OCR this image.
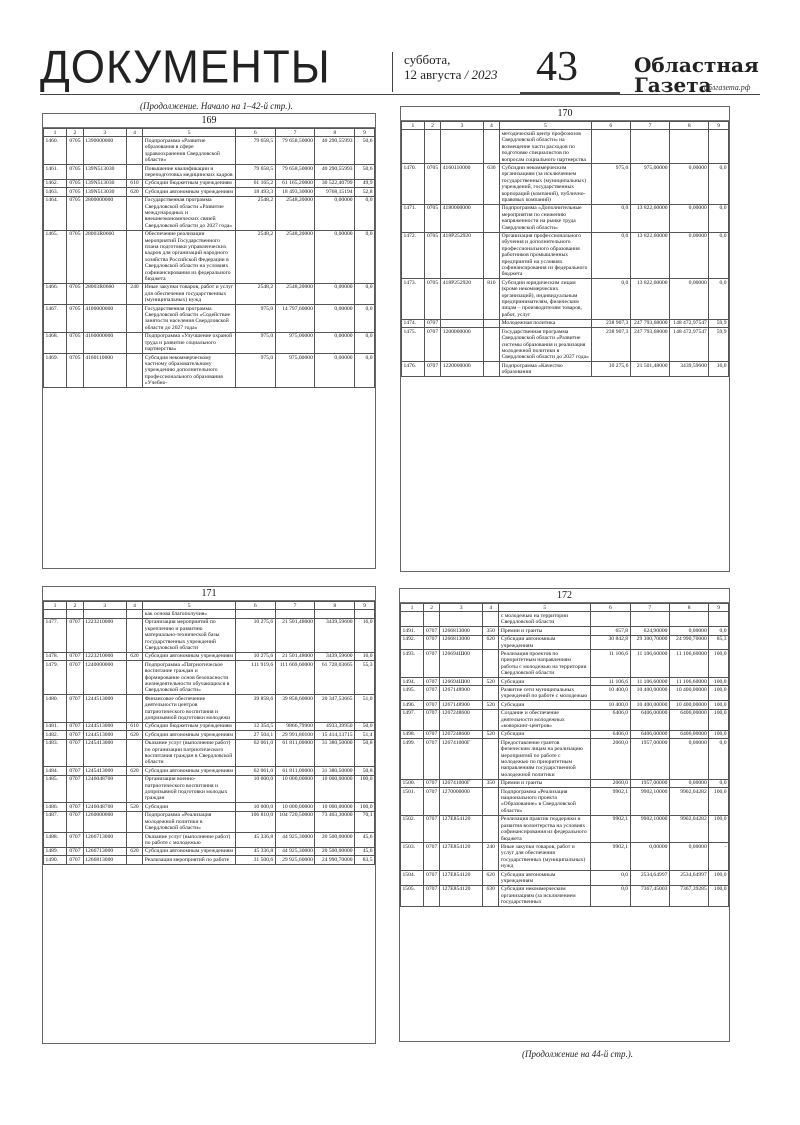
ДОКУМЕНТЫ	суббота,
12 августа / 2023 43	Областная
Газета
облгазета.рф
(Продолжение. Начало на 1–42-й стр.).
169
1	2	3	4	5	6	7	8	9
1460.	0705	1390000000		Подпрограмма «Развитие образования в сфере здравоохранения Свердловской области»	79 658,5	79 658,50000	40 290,55993	50,6
1461.	0705	139N513030		Повышение квалификации и переподготовка медицинских кадров	79 658,5	79 658,50000	40 290,55993	50,6
1462.	0705	139N513030	610	Субсидии бюджетным учреждениям	61 165,2	61 165,20000	30 522,40799	49,9
1463.	0705	139N513030	620	Субсидии автономным учреждениям	18 493,3	18 493,30000	9768,15194	52,8
1464.	0705	2800000000		Государственная программа Свердловской области «Развитие международных и внешнеэкономических связей Свердловской области до 2027 года»	2548,2	2548,20000	0,00000	0,0
1465.	0705	28003R0660		Обеспечение реализации мероприятий Государственного плана подготовки управленческих кадров для организаций народного хозяйства Российской Федерации в Свердловской области на условиях софинансирования из федерального бюджета	2548,2	2548,20000	0,00000	0,0
1466.	0705	28003R0660	240	Иные закупки товаров, работ и услуг для обеспечения государственных (муниципальных) нужд	2548,2	2548,20000	0,00000	0,0
1467.	0705	4100000000		Государственная программа Свердловской области «Содействие занятости населения Свердловской области до 2027 года»	975,0	14 797,60000	0,00000	0,0
1468.	0705	4160000000		Подпрограмма «Улучшение охраной труда и развитие социального партнерства»	975,0	975,00000	0,00000	0,0
1469.	0705	4160110000		Субсидия некоммерческому частному образовательному учреждению дополнительного профессионального образования «Учебно-	975,0	975,00000	0,00000	0,0
170
1	2	3	4	5	6	7	8	9
				методический центр профсоюзов Свердловской области» на возмещение части расходов по подготовке специалистов по вопросам социального партнерства				
1470.	0705	4160110000	630	Субсидии некоммерческим организациям (за исключением государственных (муниципальных) учреждений, государственных корпораций (компаний), публично-правовых компаний)	975,0	975,00000	0,00000	0,0
1471.	0705	4180000000		Подпрограмма «Дополнительные мероприятия по снижению напряженности на рынке труда Свердловской области»	0,0	13 822,60000	0,00000	0,0
1472.	0705	418P252920		Организация профессионального обучения и дополнительного профессионального образования работников промышленных предприятий на условиях софинансирования из федерального бюджета	0,0	13 822,60000	0,00000	0,0
1473.	0705	418P252920	810	Субсидии юридическим лицам (кроме некоммерческих организаций), индивидуальным предпринимателям, физическим лицам – производителям товаров, работ, услуг	0,0	13 822,60000	0,00000	0,0
1474.	0707			Молодежная политика	238 907,3	247 793,68000	148 472,97547	59,9
1475.	0707	1200000000		Государственная программа Свердловской области «Развитие системы образования и реализация молодежной политики в Свердловской области до 2027 года»	238 907,3	247 793,68000	148 472,97547	59,9
1476.	0707	1220000000		Подпрограмма «Качество образования	10 275,6	21 501,48000	3439,59600	16,0
171
1	2	3	4	5	6	7	8	9
				как основа благополучия»				
1477.	0707	1223210000		Организация мероприятий по укреплению и развитию материально-технической базы государственных учреждений Свердловской области	10 275,6	21 501,48000	3439,59600	16,0
1478.	0707	1223210000	620	Субсидии автономным учреждениям	10 275,6	21 501,48000	3439,59600	16,0
1479.	0707	1240000000		Подпрограмма «Патриотическое воспитание граждан и формирование основ безопасности жизнедеятельности обучающихся в Свердловской области»	111 919,6	111 669,60000	61 728,03665	55,3
1480.	0707	1244513000		Финансовое обеспечение деятельности центров патриотического воспитания и допризывной подготовки молодежи	39 858,6	39 858,60000	20 347,53665	51,0
1481.	0707	1244513000	610	Субсидии бюджетным учреждениям	12 354,5	9866,79900	4933,39950	50,0
1482.	0707	1244513000	620	Субсидии автономным учреждениям	27 504,1	29 991,80100	15 414,13715	51,4
1483.	0707	1245413000		Оказание услуг (выполнение работ) по организации патриотического воспитания граждан в Свердловской области	62 061,0	61 811,00000	31 380,50000	50,8
1484.	0707	1245413000	620	Субсидии автономным учреждениям	62 061,0	61 811,00000	31 380,50000	50,8
1485.	0707	1246048700		Организация военно-патриотического воспитания и допризывной подготовки молодых граждан	10 000,0	10 000,00000	10 000,00000	100,0
1486.	0707	1246048700	520	Субсидии	10 000,0	10 000,00000	10 000,00000	100,0
1487.	0707	1260000000		Подпрограмма «Реализация молодежной политики в Свердловской области»	106 810,0	104 720,50000	73 403,30000	70,1
1488.	0707	1266713000		Оказание услуг (выполнение работ) по работе с молодежью	45 336,8	44 925,30000	20 500,00000	45,6
1489.	0707	1266713000	620	Субсидии автономным учреждениям	45 336,8	44 925,30000	20 500,00000	45,6
1490.	0707	1266813000		Реализация мероприятий по работе	31 500,6	29 925,60000	24 990,70000	83,5
172
1	2	3	4	5	6	7	8	9
				с молодежью на территории Свердловской области				
1491.	0707	1266813000	350	Премии и гранты	657,8	624,90000	0,00000	0,0
1492.	0707	1266813000	620	Субсидии автономным учреждениям	30 842,8	29 300,70000	24 990,70000	85,3
1493.	0707	126694Ш00		Реализация проектов по приоритетным направлениям работы с молодежью на территории Свердловской области	11 106,6	11 106,60000	11 106,60000	100,0
1494.	0707	126694Ш00	520	Субсидии	11 106,6	11 106,60000	11 106,60000	100,0
1495.	0707	1267148900		Развитие сети муниципальных учреждений по работе с молодежью	10 400,0	10 400,00000	10 400,00000	100,0
1496.	0707	1267148900	520	Субсидии	10 400,0	10 400,00000	10 400,00000	100,0
1497.	0707	1267248600		Создание и обеспечение деятельности молодежных «коворкинг-центров»	6406,0	6406,00000	6406,00000	100,0
1498.	0707	1267248600	520	Субсидии	6406,0	6406,00000	6406,00000	100,0
1499.	0707	126741000Г		Предоставление грантов физическим лицам на реализацию мероприятий по работе с молодежью по приоритетным направлениям государственной молодежной политики	2060,0	1957,00000	0,00000	0,0
1500.	0707	126741000Г	350	Премии и гранты	2060,0	1957,00000	0,00000	0,0
1501.	0707	1270000000		Подпрограмма «Реализация национального проекта «Образование» в Свердловской области»	9902,1	9902,10000	9902,04282	100,0
1502.	0707	127E854120		Реализация практик поддержки и развития волонтерства на условиях софинансирования из федерального бюджета	9902,1	9902,10000	9902,04282	100,0
1503.	0707	127E854120	240	Иные закупки товаров, работ и услуг для обеспечения государственных (муниципальных) нужд	9902,1	0,00000	0,00000	-
1504.	0707	127E854120	620	Субсидии автономным учреждениям	0,0	2534,64997	2534,64997	100,0
1505.	0707	127E854120	630	Субсидии некоммерческим организациям (за исключением государственных	0,0	7367,45003	7367,39285	100,0
(Продолжение на 44-й стр.).
